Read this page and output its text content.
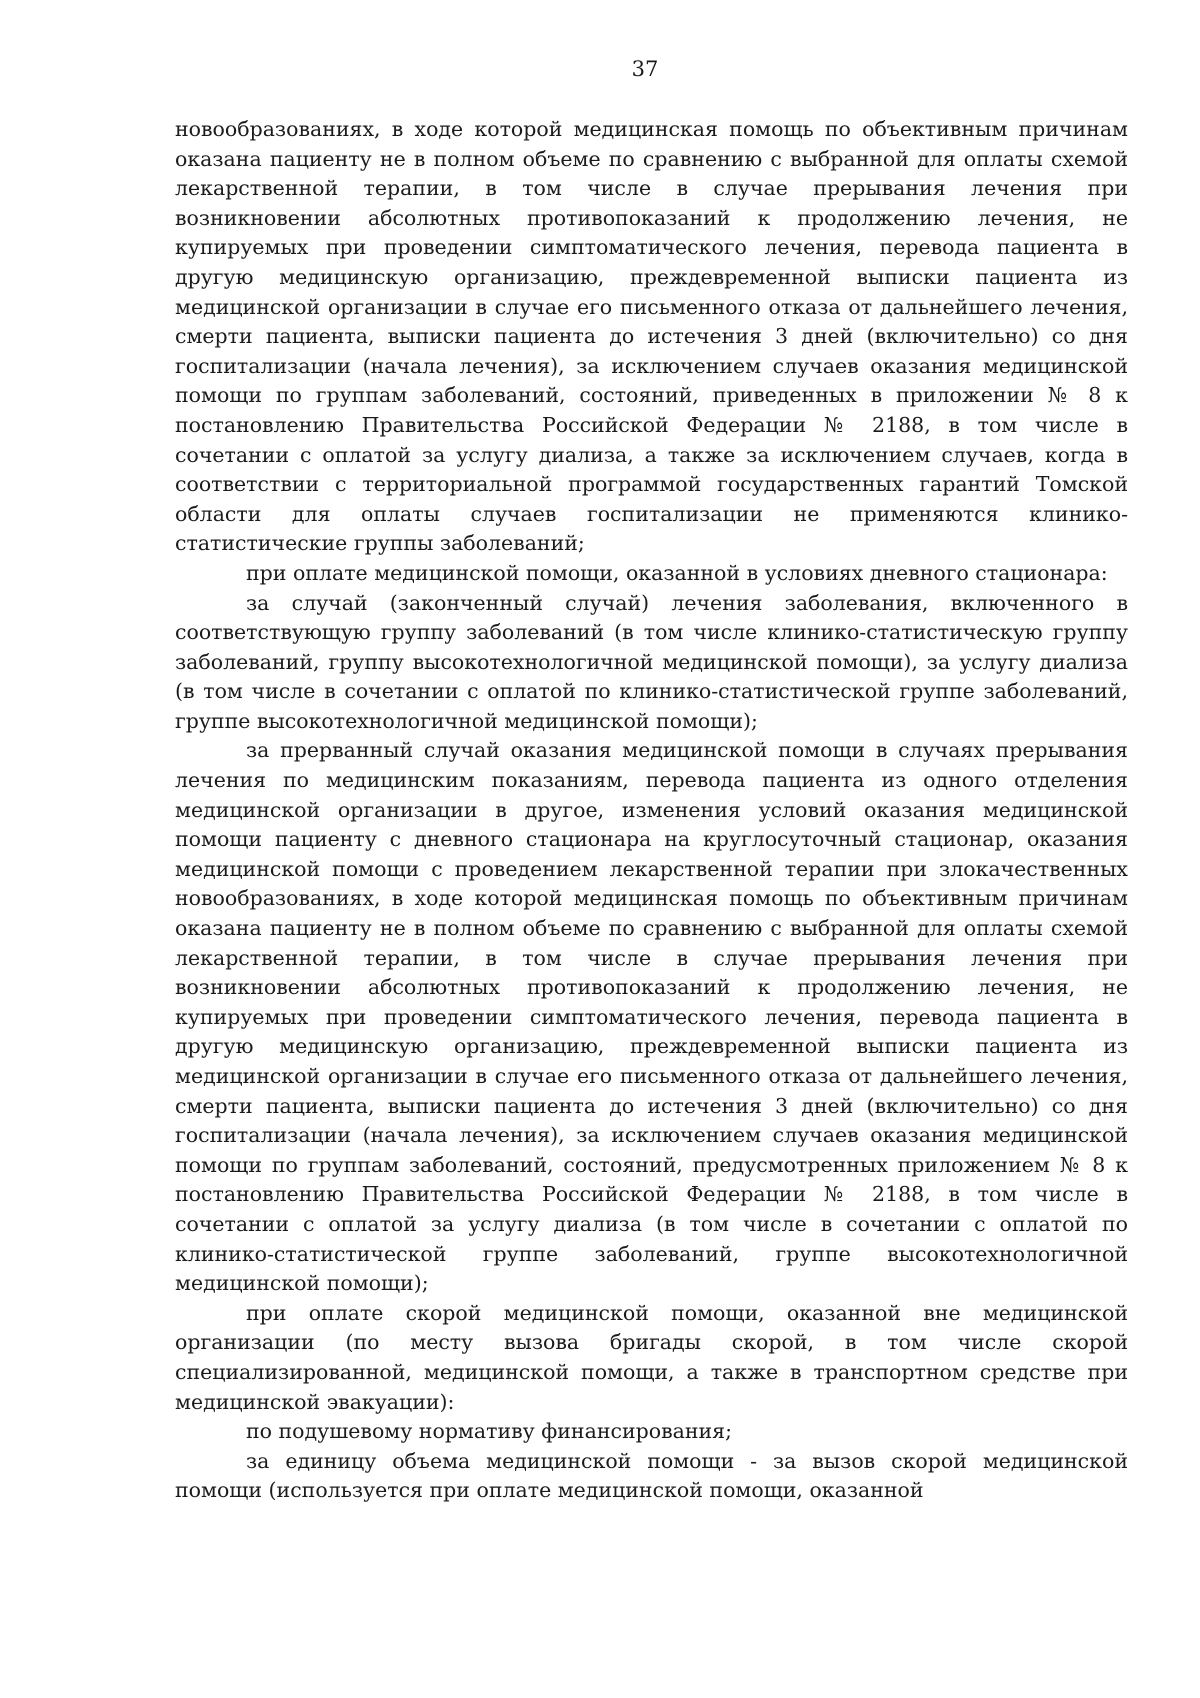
37

новообразованиях, в ходе которой медицинская помощь по объективным причинам оказана пациенту не в полном объеме по сравнению с выбранной для оплаты схемой лекарственной терапии, в том числе в случае прерывания лечения при возникновении абсолютных противопоказаний к продолжению лечения, не купируемых при проведении симптоматического лечения, перевода пациента в другую медицинскую организацию, преждевременной выписки пациента из медицинской организации в случае его письменного отказа от дальнейшего лечения, смерти пациента, выписки пациента до истечения 3 дней (включительно) со дня госпитализации (начала лечения), за исключением случаев оказания медицинской помощи по группам заболеваний, состояний, приведенных в приложении № 8 к постановлению Правительства Российской Федерации № 2188, в том числе в сочетании с оплатой за услугу диализа, а также за исключением случаев, когда в соответствии с территориальной программой государственных гарантий Томской области для оплаты случаев госпитализации не применяются клинико-статистические группы заболеваний;

при оплате медицинской помощи, оказанной в условиях дневного стационара:

за случай (законченный случай) лечения заболевания, включенного в соответствующую группу заболеваний (в том числе клинико-статистическую группу заболеваний, группу высокотехнологичной медицинской помощи), за услугу диализа (в том числе в сочетании с оплатой по клинико-статистической группе заболеваний, группе высокотехнологичной медицинской помощи);

за прерванный случай оказания медицинской помощи в случаях прерывания лечения по медицинским показаниям, перевода пациента из одного отделения медицинской организации в другое, изменения условий оказания медицинской помощи пациенту с дневного стационара на круглосуточный стационар, оказания медицинской помощи с проведением лекарственной терапии при злокачественных новообразованиях, в ходе которой медицинская помощь по объективным причинам оказана пациенту не в полном объеме по сравнению с выбранной для оплаты схемой лекарственной терапии, в том числе в случае прерывания лечения при возникновении абсолютных противопоказаний к продолжению лечения, не купируемых при проведении симптоматического лечения, перевода пациента в другую медицинскую организацию, преждевременной выписки пациента из медицинской организации в случае его письменного отказа от дальнейшего лечения, смерти пациента, выписки пациента до истечения 3 дней (включительно) со дня госпитализации (начала лечения), за исключением случаев оказания медицинской помощи по группам заболеваний, состояний, предусмотренных приложением № 8 к постановлению Правительства Российской Федерации № 2188, в том числе в сочетании с оплатой за услугу диализа (в том числе в сочетании с оплатой по клинико-статистической группе заболеваний, группе высокотехнологичной медицинской помощи);

при оплате скорой медицинской помощи, оказанной вне медицинской организации (по месту вызова бригады скорой, в том числе скорой специализированной, медицинской помощи, а также в транспортном средстве при медицинской эвакуации):

по подушевому нормативу финансирования;

за единицу объема медицинской помощи - за вызов скорой медицинской помощи (используется при оплате медицинской помощи, оказанной
